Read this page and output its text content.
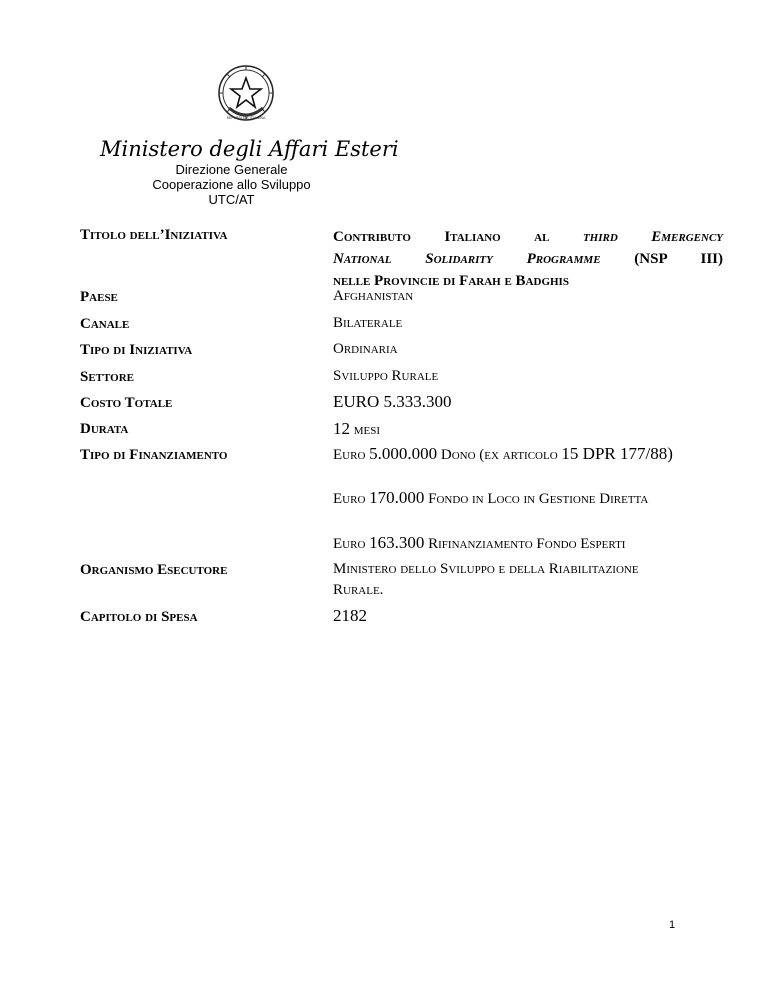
REPUBBLICA ITALIANA
Ministero degli Affari Esteri
Direzione Generale
Cooperazione allo Sviluppo
UTC/AT
Titolo dell’Iniziativa	Contributo Italiano al third Emergency
National Solidarity Programme (NSP III)
nelle Provincie di Farah e Badghis
Paese	Afghanistan
Canale	Bilaterale
Tipo di Iniziativa	Ordinaria
Settore	Sviluppo Rurale
Costo Totale	EURO 5.333.300
Durata	12 mesi
Tipo di Finanziamento	Euro 5.000.000 Dono (ex articolo 15 DPR 177/88)
Euro 170.000 Fondo in Loco in Gestione Diretta
Euro 163.300 Rifinanziamento Fondo Esperti
Organismo Esecutore	Ministero dello Sviluppo e della Riabilitazione Rurale.
Capitolo di Spesa	2182
1
